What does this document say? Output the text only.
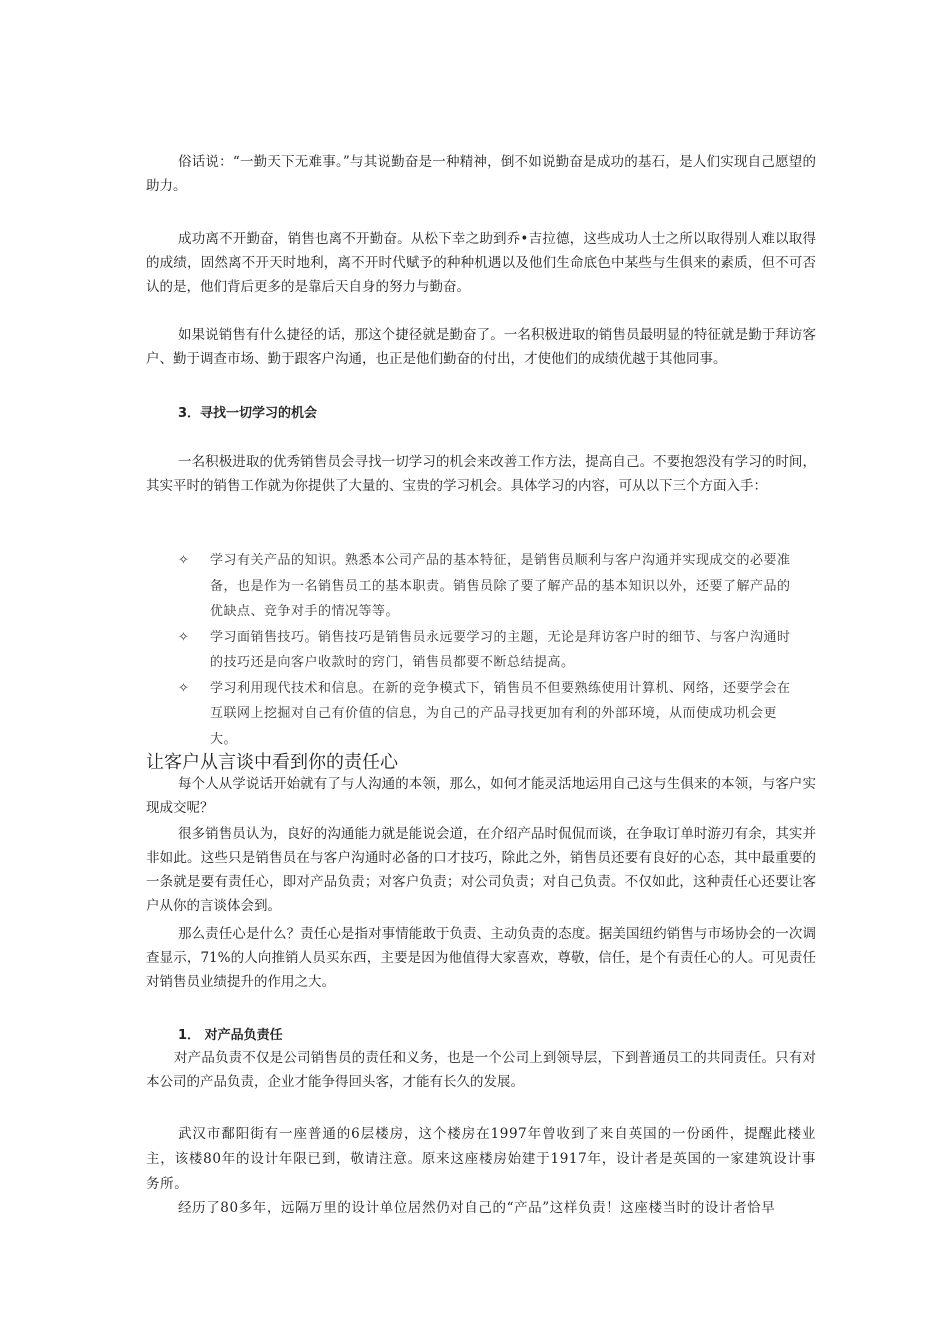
俗话说：“一勤天下无难事。”与其说勤奋是一种精神，倒不如说勤奋是成功的基石，是人们实现自己愿望的助力。

成功离不开勤奋，销售也离不开勤奋。从松下幸之助到乔•吉拉德，这些成功人士之所以取得别人难以取得的成绩，固然离不开天时地利，离不开时代赋予的种种机遇以及他们生命底色中某些与生俱来的素质，但不可否认的是，他们背后更多的是靠后天自身的努力与勤奋。

如果说销售有什么捷径的话，那这个捷径就是勤奋了。一名积极进取的销售员最明显的特征就是勤于拜访客户、勤于调查市场、勤于跟客户沟通，也正是他们勤奋的付出，才使他们的成绩优越于其他同事。

3．寻找一切学习的机会

一名积极进取的优秀销售员会寻找一切学习的机会来改善工作方法，提高自己。不要抱怨没有学习的时间，其实平时的销售工作就为你提供了大量的、宝贵的学习机会。具体学习的内容，可从以下三个方面入手：

✧ 学习有关产品的知识。熟悉本公司产品的基本特征，是销售员顺利与客户沟通并实现成交的必要准备，也是作为一名销售员工的基本职责。销售员除了要了解产品的基本知识以外，还要了解产品的优缺点、竞争对手的情况等等。
✧ 学习面销售技巧。销售技巧是销售员永远要学习的主题，无论是拜访客户时的细节、与客户沟通时的技巧还是向客户收款时的窍门，销售员都要不断总结提高。
✧ 学习利用现代技术和信息。在新的竞争模式下，销售员不但要熟练使用计算机、网络，还要学会在互联网上挖掘对自己有价值的信息，为自己的产品寻找更加有利的外部环境，从而使成功机会更大。
让客户从言谈中看到你的责任心

每个人从学说话开始就有了与人沟通的本领，那么，如何才能灵活地运用自己这与生俱来的本领，与客户实现成交呢？

很多销售员认为，良好的沟通能力就是能说会道，在介绍产品时侃侃而谈，在争取订单时游刃有余，其实并非如此。这些只是销售员在与客户沟通时必备的口才技巧，除此之外，销售员还要有良好的心态，其中最重要的一条就是要有责任心，即对产品负责；对客户负责；对公司负责；对自己负责。不仅如此，这种责任心还要让客户从你的言谈体会到。

那么责任心是什么？责任心是指对事情能敢于负责、主动负责的态度。据美国纽约销售与市场协会的一次调查显示，71%的人向推销人员买东西，主要是因为他值得大家喜欢，尊敬，信任，是个有责任心的人。可见责任对销售员业绩提升的作用之大。

1． 对产品负责任

对产品负责不仅是公司销售员的责任和义务，也是一个公司上到领导层，下到普通员工的共同责任。只有对本公司的产品负责，企业才能争得回头客，才能有长久的发展。

武汉市鄱阳街有一座普通的6层楼房，这个楼房在1997年曾收到了来自英国的一份函件，提醒此楼业主，该楼80年的设计年限已到，敬请注意。原来这座楼房始建于1917年，设计者是英国的一家建筑设计事务所。

经历了80多年，远隔万里的设计单位居然仍对自己的“产品”这样负责！这座楼当时的设计者恰早
